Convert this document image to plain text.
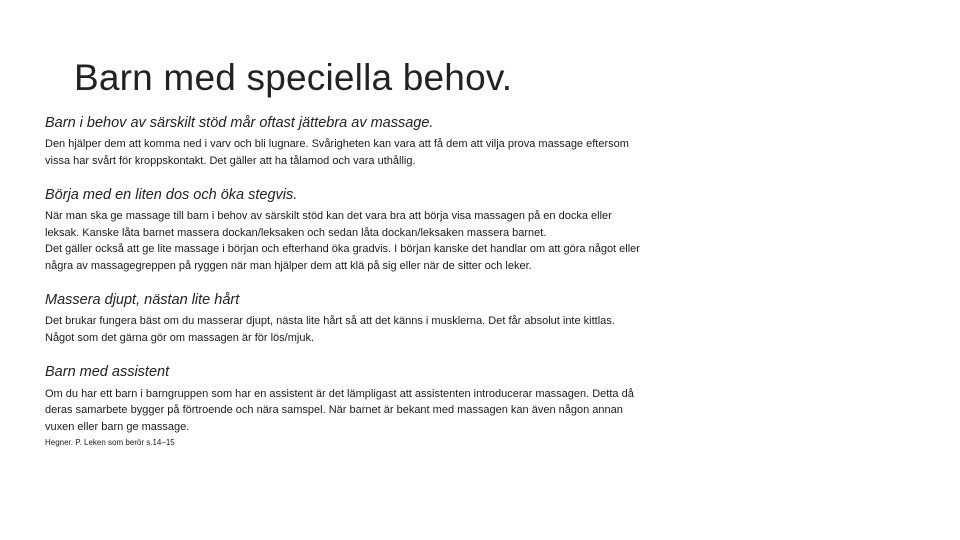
Barn med speciella behov.
Barn i behov av särskilt stöd mår oftast jättebra av massage.

Den hjälper dem att komma ned i varv och bli lugnare. Svårigheten kan vara att få dem att vilja prova massage eftersom vissa har svårt för kroppskontakt. Det gäller att ha tålamod och vara uthållig.

Börja med en liten dos och öka stegvis.

När man ska ge massage till barn i behov av särskilt stöd kan det vara bra att börja visa massagen på en docka eller leksak. Kanske låta barnet massera dockan/leksaken och sedan låta dockan/leksaken massera barnet.

Det gäller också att ge lite massage i början och efterhand öka gradvis. I början kanske det handlar om att göra något eller några av massagegreppen på ryggen när man hjälper dem att klä på sig eller när de sitter och leker.

Massera djupt, nästan lite hårt

Det brukar fungera bäst om du masserar djupt, nästa lite hårt så att det känns i musklerna. Det får absolut inte kittlas. Något som det gärna gör om massagen är för lös/mjuk.

Barn med assistent

Om du har ett barn i barngruppen som har en assistent är det lämpligast att assistenten introducerar massagen. Detta då deras samarbete bygger på förtroende och nära samspel. När barnet är bekant med massagen kan även någon annan vuxen eller barn ge massage.

Hegner. P. Leken som berör s.14–15
